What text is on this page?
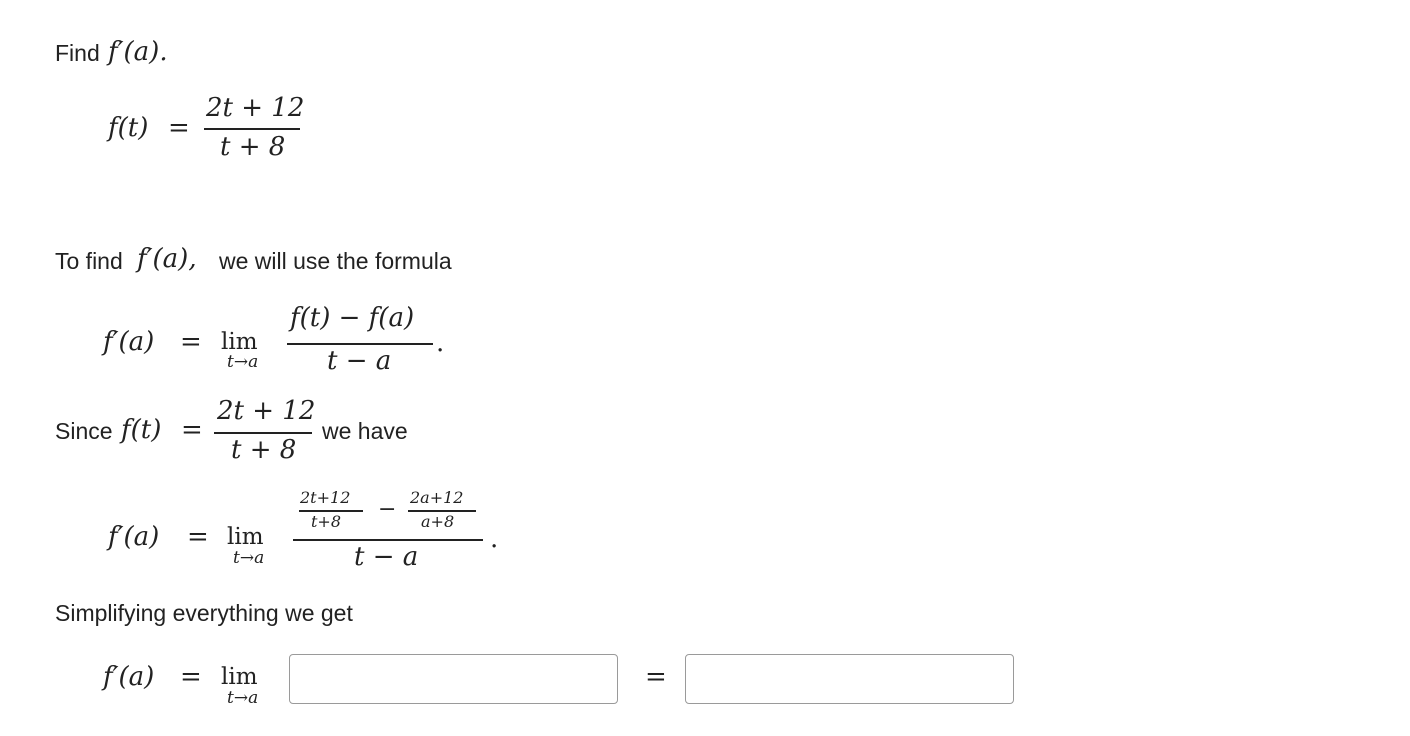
Find f′(a).
f(t) =
2t + 12
t + 8
To find f′(a), we will use the formula
f′(a) = lim
t→a
f(t) − f(a)
t − a
.
Since f(t) =
2t + 12
t + 8
we have
f′(a) = lim
t→a
2t+12
t+8 − 2a+12
a+8
t − a
.
Simplifying everything we get
f′(a) = lim
t→a
=
